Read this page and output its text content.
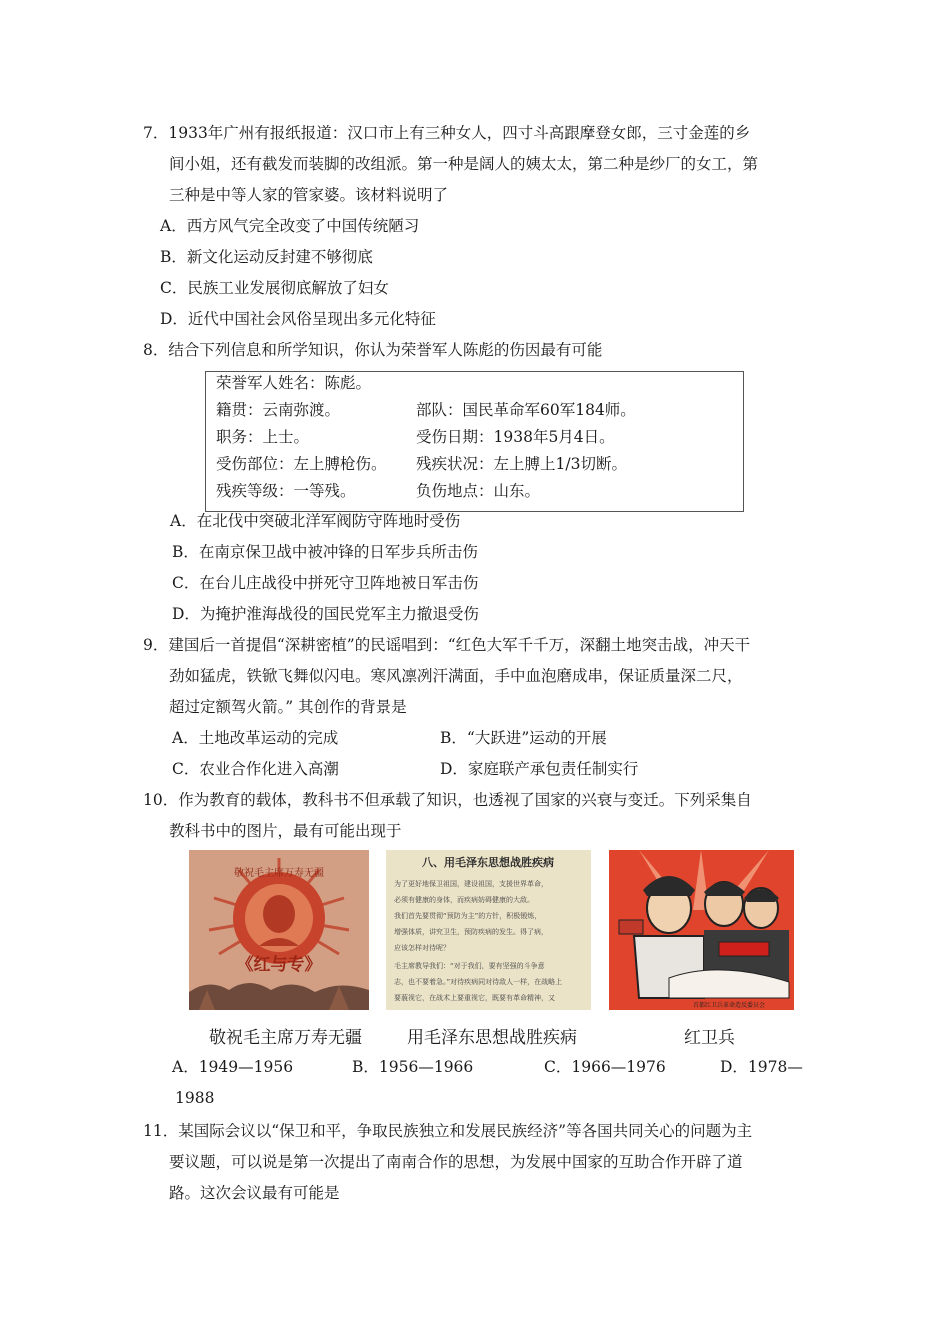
7．1933年广州有报纸报道：汉口市上有三种女人，四寸斗高跟摩登女郎，三寸金莲的乡
间小姐，还有截发而装脚的改组派。第一种是阔人的姨太太，第二种是纱厂的女工，第
三种是中等人家的管家婆。该材料说明了
A．西方风气完全改变了中国传统陋习
B．新文化运动反封建不够彻底
C．民族工业发展彻底解放了妇女
D．近代中国社会风俗呈现出多元化特征
8．结合下列信息和所学知识，你认为荣誉军人陈彪的伤因最有可能
荣誉军人姓名：陈彪。
籍贯：云南弥渡。	部队：国民革命军60军184师。
职务：上士。	受伤日期：1938年5月4日。
受伤部位：左上膊枪伤。 残疾状况：左上膊上1/3切断。
残疾等级：一等残。	负伤地点：山东。
A．在北伐中突破北洋军阀防守阵地时受伤
B．在南京保卫战中被冲锋的日军步兵所击伤
C．在台儿庄战役中拼死守卫阵地被日军击伤
D．为掩护淮海战役的国民党军主力撤退受伤
9．建国后一首提倡“深耕密植”的民谣唱到：“红色大军千千万，深翻土地突击战，冲天干
劲如猛虎，铁锨飞舞似闪电。寒风凛冽汗满面，手中血泡磨成串，保证质量深二尺，
超过定额驾火箭。” 其创作的背景是
A．土地改革运动的完成	B．“大跃进”运动的开展
C．农业合作化进入高潮	D．家庭联产承包责任制实行
10．作为教育的载体，教科书不但承载了知识，也透视了国家的兴衰与变迁。下列采集自
教科书中的图片，最有可能出现于
敬祝毛主席万寿无疆
《红与专》
八、用毛泽东思想战胜疾病
为了更好地保卫祖国，建设祖国，支援世界革命，
必须有健康的身体，而疾病妨碍健康的大敌。
我们首先要贯彻“预防为主”的方针，积极锻炼，
增强体质，讲究卫生，预防疾病的发生。得了病，
应该怎样对待呢？
毛主席教导我们：“对于我们，要有坚强的斗争意
志，也不要着急。”对待疾病同对待敌人一样，在战略上
要藐视它，在战术上要重视它，既要有革命精神，又
首都红卫兵革命造反委员会
敬祝毛主席万寿无疆	用毛泽东思想战胜疾病	红卫兵
A．1949—1956	B．1956—1966	C．1966—1976	D．1978—
1988
11．某国际会议以“保卫和平，争取民族独立和发展民族经济”等各国共同关心的问题为主
要议题，可以说是第一次提出了南南合作的思想，为发展中国家的互助合作开辟了道
路。这次会议最有可能是
